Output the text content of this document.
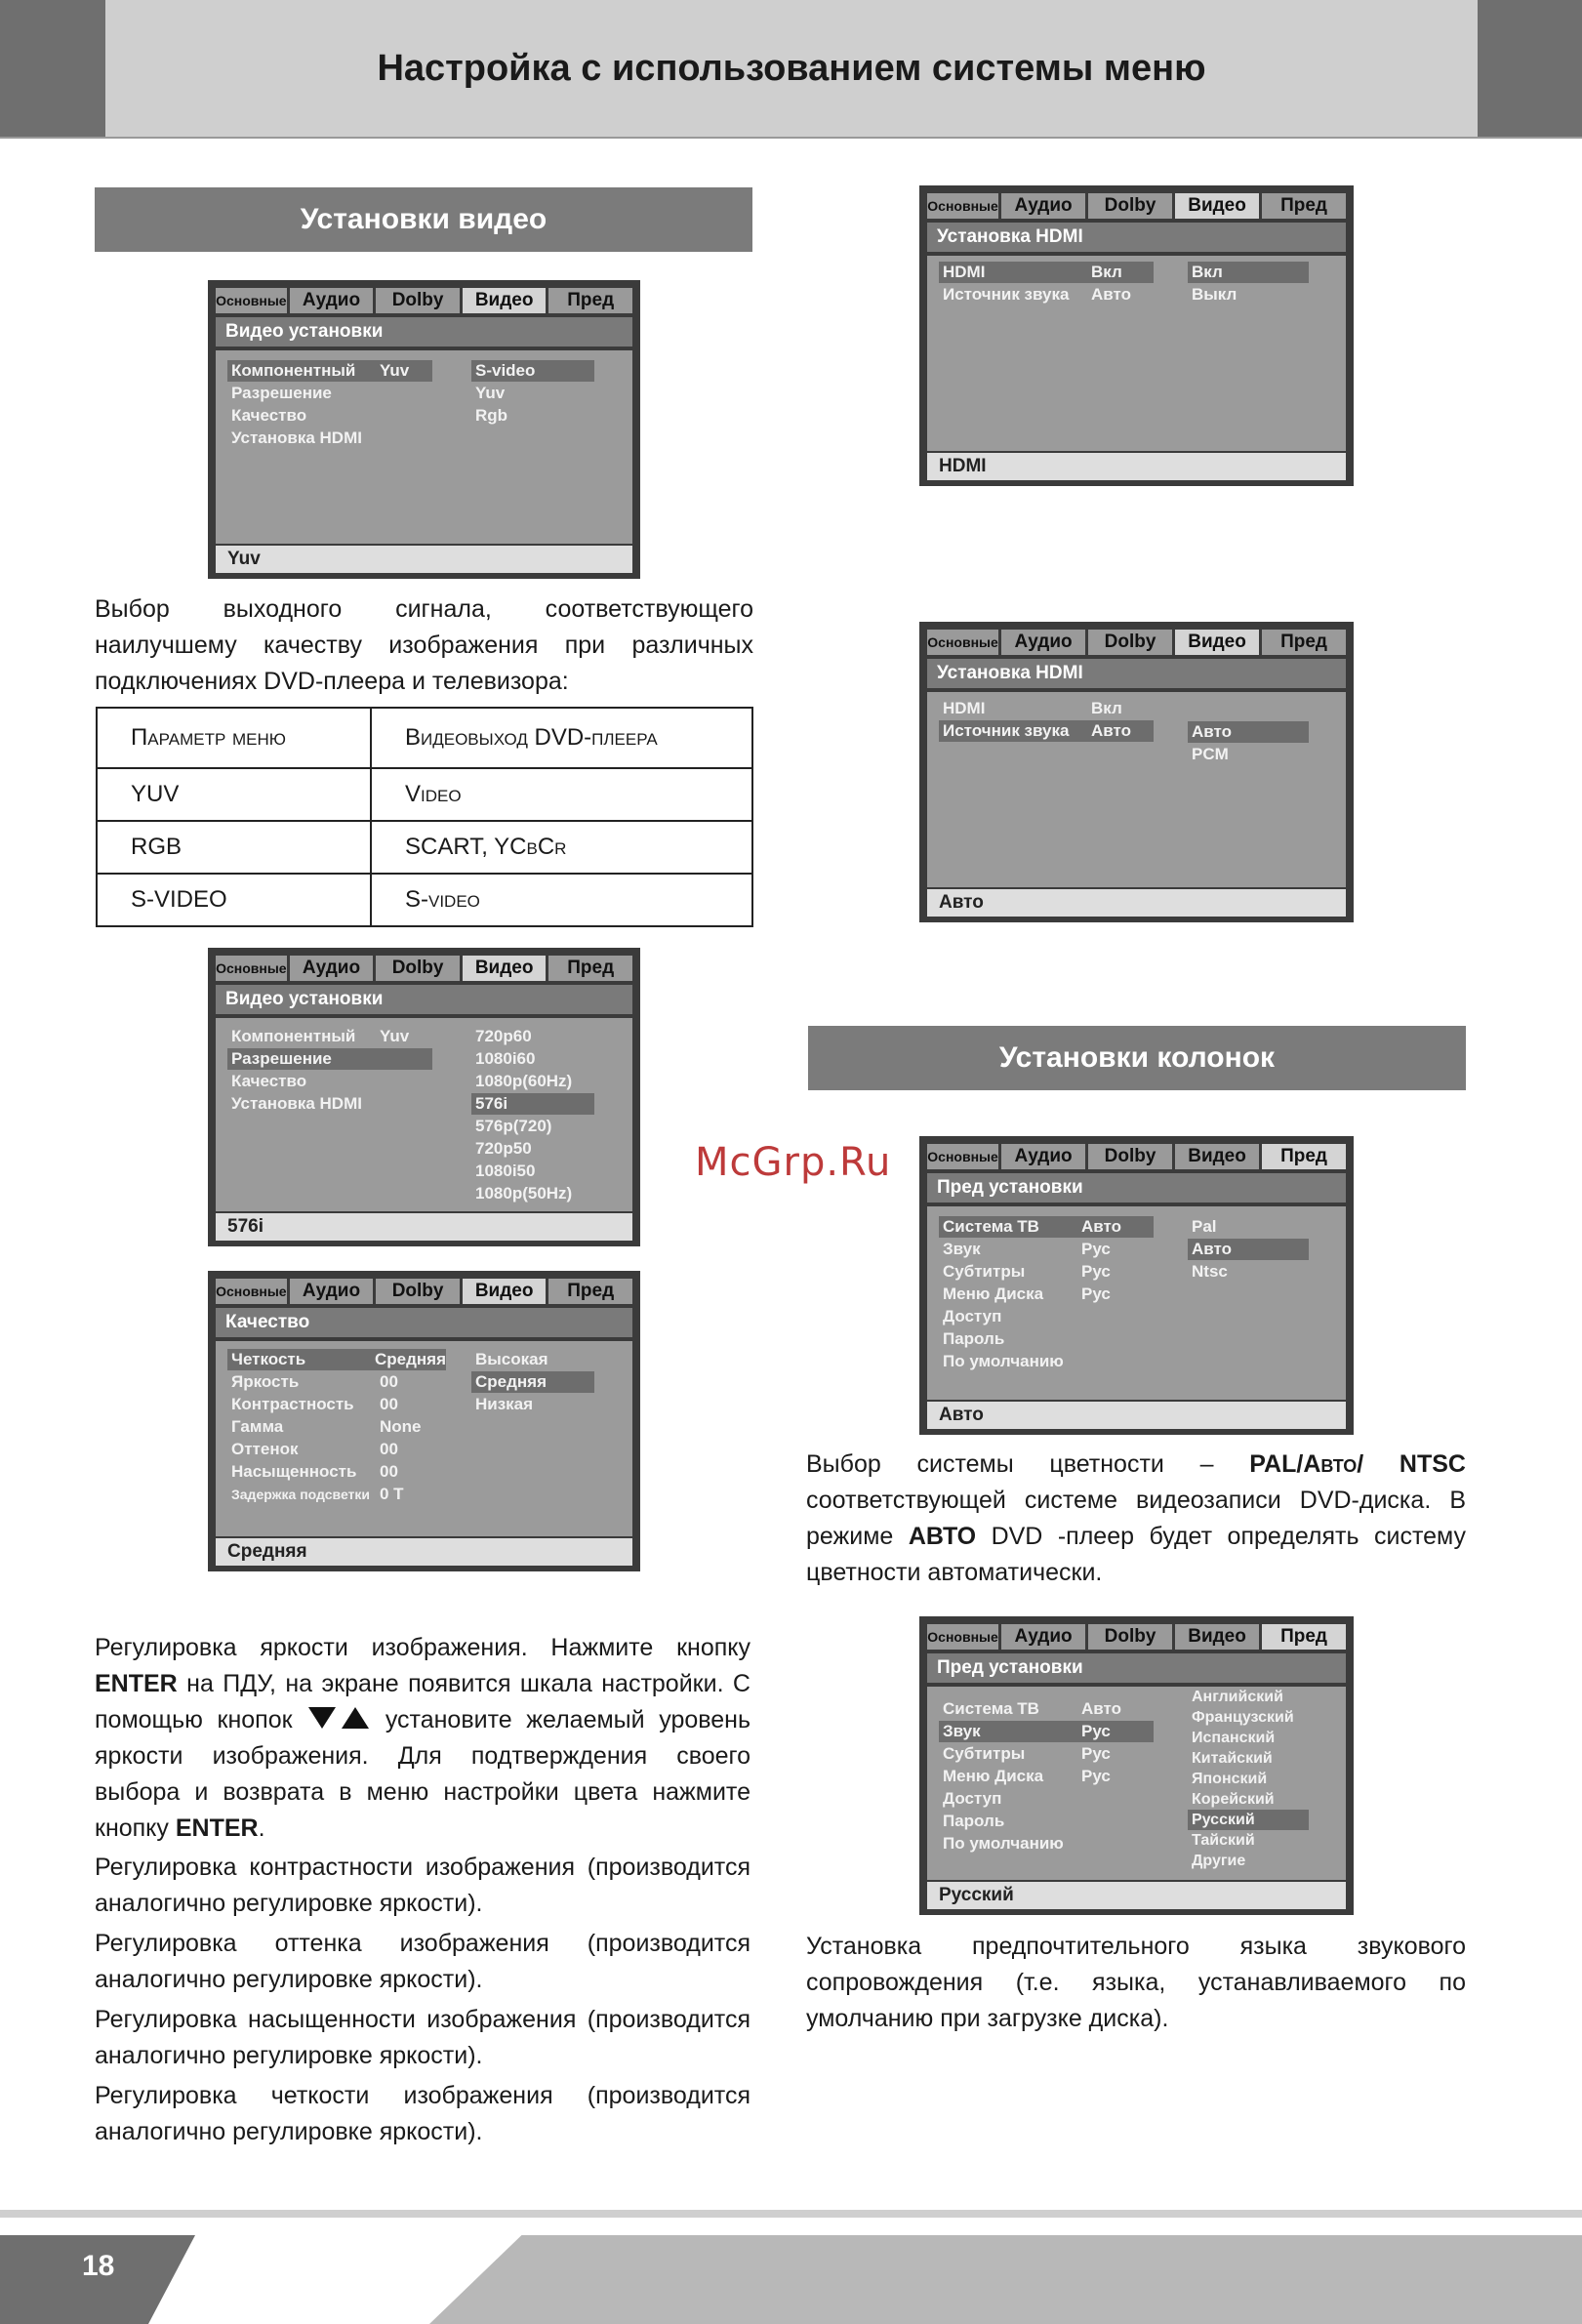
Настройка с использованием системы меню
Установки видео
Основные Аудио	Dolby	Видео	Пред
Видео установки
Компонентный	Yuv
Разрешение
Качество
Установка HDMI
S-video
Yuv
Rgb
Yuv
Выбор выходного сигнала, соответствующего наилучшему качеству изображения при различных подключениях DVD-плеера и телевизора:
Параметр меню	Видеовыход DVD-плеера
YUV	Video
RGB	SCART, YCbCr
S-VIDEO	S-video
Основные Аудио	Dolby	Видео	Пред
Видео установки
Компонентный	Yuv
Разрешение
Качество
Установка HDMI
720p60
1080i60
1080p(60Hz)
576i
576p(720)
720p50
1080i50
1080p(50Hz)
576i
Основные Аудио	Dolby	Видео	Пред
Качество
Четкость	Средняя
Яркость	00
Контрастность	00
Гамма	None
Оттенок	00
Насыщенность	00
Задержка подсветки 0 T
Высокая
Средняя
Низкая
Средняя
Регулировка яркости изображения. Нажмите кнопку ENTER на ПДУ, на экране появится шкала настройки. С помощью кнопок	установите желаемый уровень яркости изображения. Для подтверждения своего выбора и возврата в меню настройки цвета нажмите кнопку ENTER.
Регулировка контрастности изображения (производится аналогично регулировке яркости).
Регулировка оттенка изображения (производится аналогично регулировке яркости).
Регулировка насыщенности изображения (производится аналогично регулировке яркости).
Регулировка четкости изображения (производится аналогично регулировке яркости).
Основные Аудио	Dolby	Видео	Пред
Установка HDMI
HDMI	Вкл
Источник звука	Авто
Вкл
Выкл
HDMI
Основные Аудио	Dolby	Видео	Пред
Установка HDMI
HDMI	Вкл
Источник звука	Авто	Авто
PCM
Авто
Установки колонок
McGrp.Ru	Основные Аудио	Dolby	Видео	Пред
Пред установки
Система ТВ	Авто
Звук	Рус
Субтитры	Рус
Меню Диска	Рус
Доступ
Пароль
По умолчанию
Pal
Авто
Ntsc
Авто
Выбор системы цветности – PAL/Авто/ NTSC соответствующей системе видеозаписи DVD-диска. В режиме АВТО DVD -плеер будет определять систему цветности автоматически.
Основные Аудио	Dolby	Видео	Пред
Пред установки
Система ТВ	Авто
Звук	Рус
Субтитры	Рус
Меню Диска	Рус
Доступ
Пароль
По умолчанию
Английский
Французский
Испанский
Китайский
Японский
Корейский
Русский
Тайский
Другие
Русский
Установка предпочтительного языка звукового сопровождения (т.е. языка, устанавливаемого по умолчанию при загрузке диска).
18
